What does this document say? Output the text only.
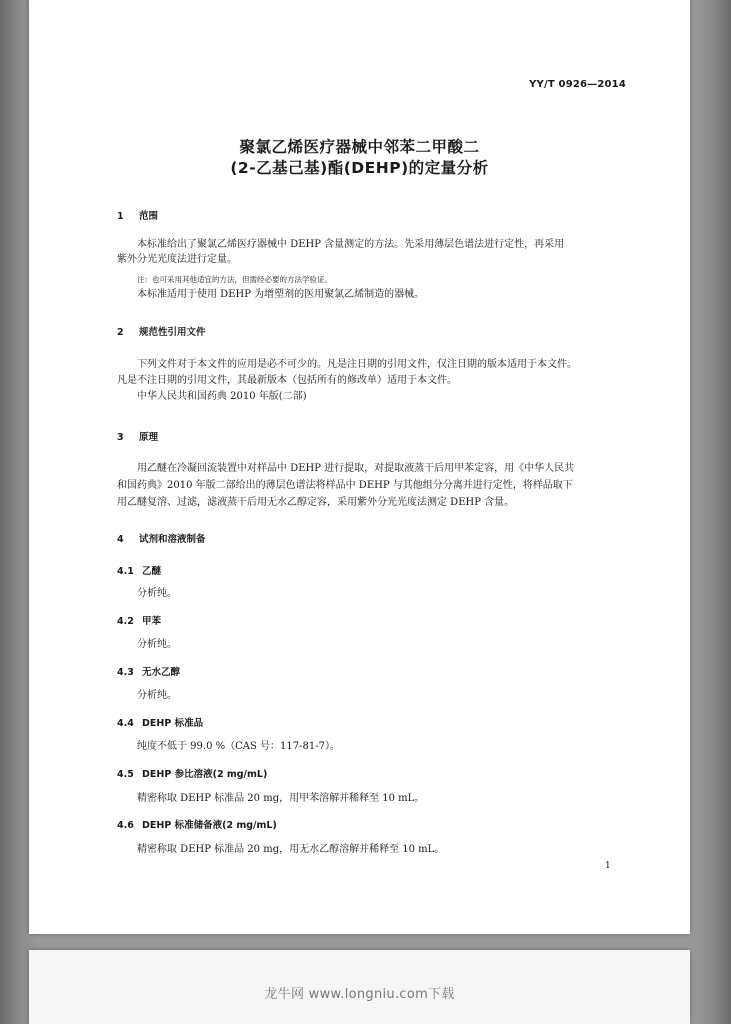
YY/T 0926—2014
聚氯乙烯医疗器械中邻苯二甲酸二
(2-乙基己基)酯(DEHP)的定量分析
1 范围
本标准给出了聚氯乙烯医疗器械中 DEHP 含量测定的方法。先采用薄层色谱法进行定性，再采用
紫外分光光度法进行定量。
注：也可采用其他适宜的方法，但需经必要的方法学验证。
本标准适用于使用 DEHP 为增塑剂的医用聚氯乙烯制造的器械。
2 规范性引用文件
下列文件对于本文件的应用是必不可少的。凡是注日期的引用文件，仅注日期的版本适用于本文件。
凡是不注日期的引用文件，其最新版本（包括所有的修改单）适用于本文件。
中华人民共和国药典 2010 年版(二部)
3 原理
用乙醚在冷凝回流装置中对样品中 DEHP 进行提取，对提取液蒸干后用甲苯定容，用《中华人民共
和国药典》2010 年版二部给出的薄层色谱法将样品中 DEHP 与其他组分分离并进行定性，将样品取下
用乙醚复溶、过滤，滤液蒸干后用无水乙醇定容，采用紫外分光光度法测定 DEHP 含量。
4 试剂和溶液制备
4.1 乙醚
分析纯。
4.2 甲苯
分析纯。
4.3 无水乙醇
分析纯。
4.4 DEHP 标准品
纯度不低于 99.0 %（CAS 号：117-81-7）。
4.5 DEHP 参比溶液(2 mg/mL)
精密称取 DEHP 标准品 20 mg，用甲苯溶解并稀释至 10 mL。
4.6 DEHP 标准储备液(2 mg/mL)
精密称取 DEHP 标准品 20 mg，用无水乙醇溶解并稀释至 10 mL。
1
龙牛网 www.longniu.com下载
